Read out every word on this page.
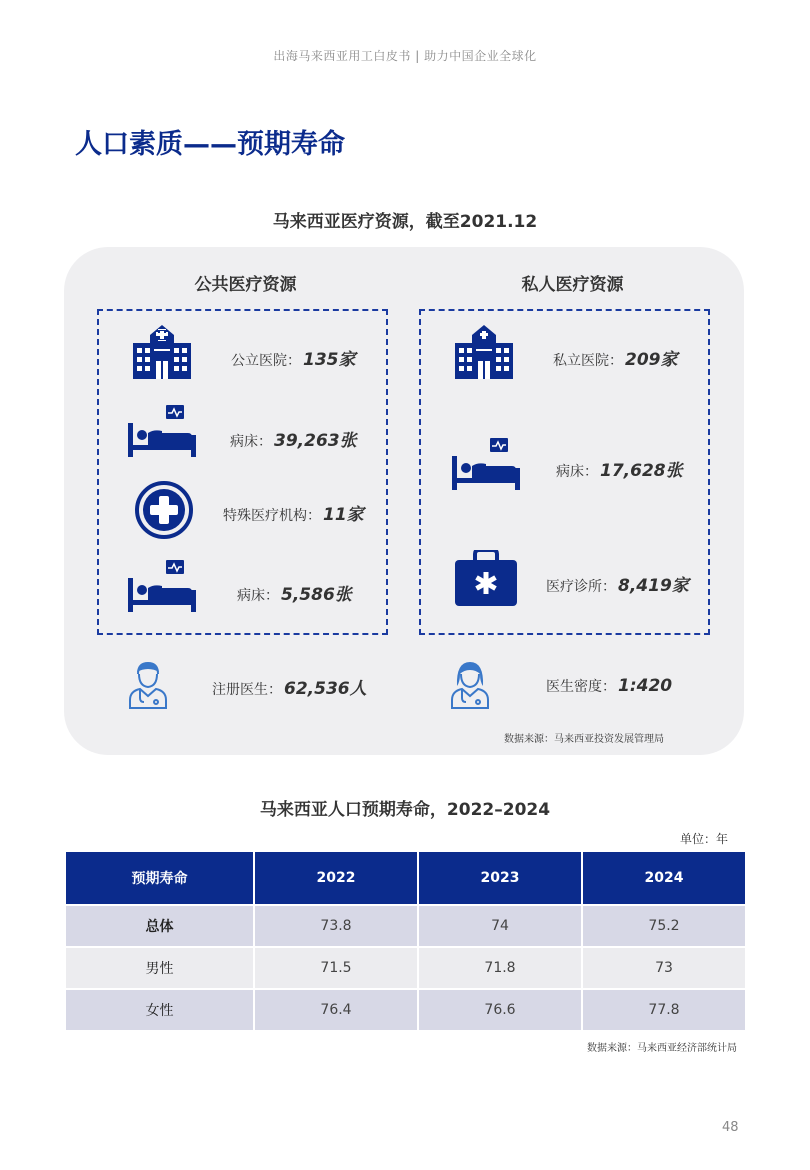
出海马来西亚用工白皮书 | 助力中国企业全球化
人口素质——预期寿命
马来西亚医疗资源，截至2021.12
公共医疗资源	私人医疗资源
公立医院： 135家
病床： 39,263张
特殊医疗机构： 11家
病床： 5,586张
私立医院： 209家
病床： 17,628张
医疗诊所： 8,419家
注册医生： 62,536人	医生密度： 1:420
数据来源：马来西亚投资发展管理局
马来西亚人口预期寿命，2022–2024
单位：年
预期寿命	2022	2023	2024
总体	73.8	74	75.2
男性	71.5	71.8	73
女性	76.4	76.6	77.8
数据来源：马来西亚经济部统计局
48
